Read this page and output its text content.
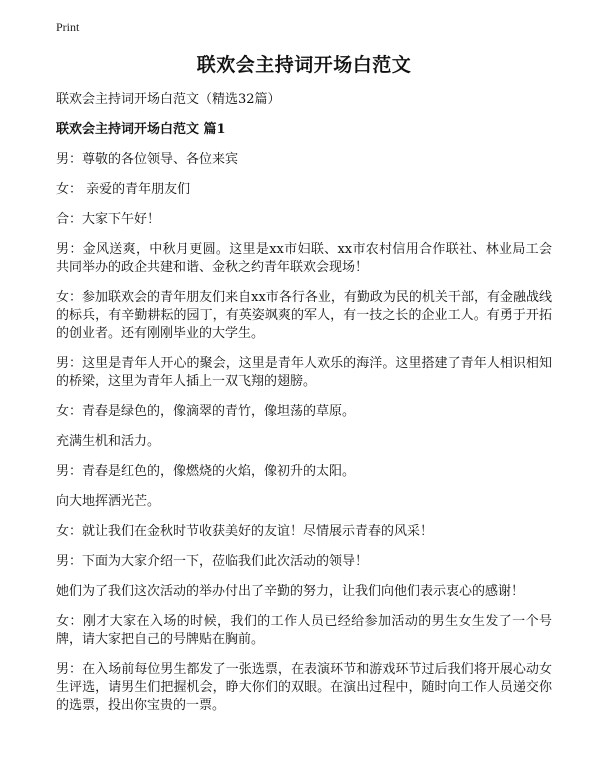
Print
联欢会主持词开场白范文
联欢会主持词开场白范文（精选32篇）
联欢会主持词开场白范文 篇1
男：尊敬的各位领导、各位来宾
女： 亲爱的青年朋友们
合：大家下午好！
男：金风送爽，中秋月更圆。这里是xx市妇联、xx市农村信用合作联社、林业局工会共同举办的政企共建和谐、金秋之约青年联欢会现场！
女：参加联欢会的青年朋友们来自xx市各行各业，有勤政为民的机关干部，有金融战线的标兵，有辛勤耕耘的园丁，有英姿飒爽的军人，有一技之长的企业工人。有勇于开拓的创业者。还有刚刚毕业的大学生。
男：这里是青年人开心的聚会，这里是青年人欢乐的海洋。这里搭建了青年人相识相知的桥梁，这里为青年人插上一双飞翔的翅膀。
女：青春是绿色的，像滴翠的青竹，像坦荡的草原。
充满生机和活力。
男：青春是红色的，像燃烧的火焰，像初升的太阳。
向大地挥洒光芒。
女：就让我们在金秋时节收获美好的友谊！尽情展示青春的风采！
男：下面为大家介绍一下，莅临我们此次活动的领导！
她们为了我们这次活动的举办付出了辛勤的努力，让我们向他们表示衷心的感谢！
女：刚才大家在入场的时候，我们的工作人员已经给参加活动的男生女生发了一个号牌，请大家把自己的号牌贴在胸前。
男：在入场前每位男生都发了一张选票，在表演环节和游戏环节过后我们将开展心动女生评选，请男生们把握机会，睁大你们的双眼。在演出过程中，随时向工作人员递交你的选票，投出你宝贵的一票。
